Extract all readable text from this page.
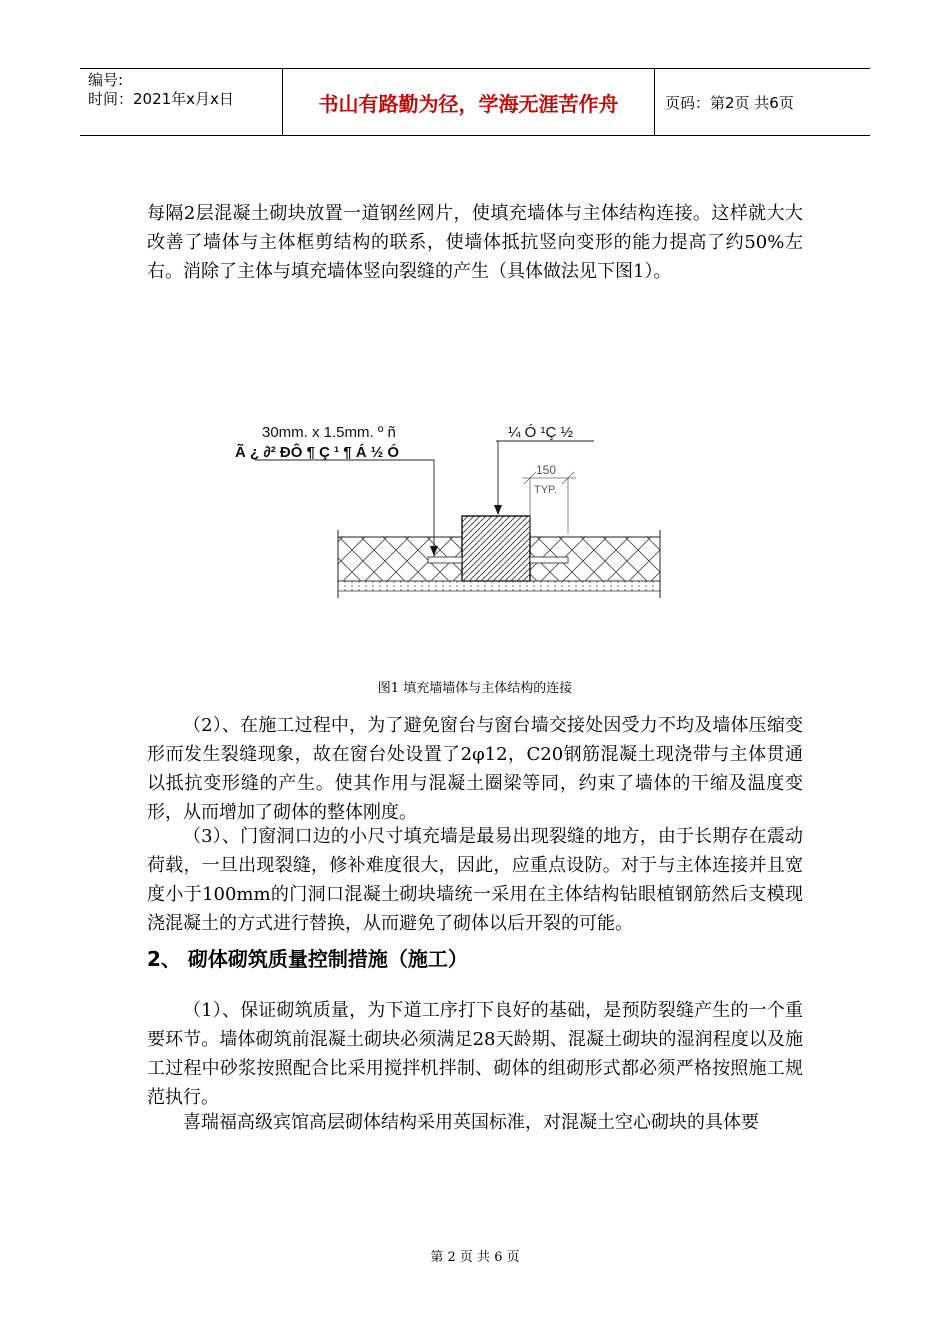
编号:
时间：2021年x月x日	书山有路勤为径，学海无涯苦作舟	页码：第2页 共6页

每隔2层混凝土砌块放置一道钢丝网片，使填充墙体与主体结构连接。这样就大大改善了墙体与主体框剪结构的联系，使墙体抵抗竖向变形的能力提高了约50%左右。消除了主体与填充墙体竖向裂缝的产生（具体做法见下图1）。

150
TYP.
30mm. x 1.5mm. º ñ
Ã ¿ ∂² ÐÔ ¶ Ç ¹ ¶ Á ½ Ó
¼ Ó ¹Ç ½
图1 填充墙墙体与主体结构的连接

（2）、在施工过程中，为了避免窗台与窗台墙交接处因受力不均及墙体压缩变形而发生裂缝现象，故在窗台处设置了2φ12，C20钢筋混凝土现浇带与主体贯通以抵抗变形缝的产生。使其作用与混凝土圈梁等同，约束了墙体的干缩及温度变形，从而增加了砌体的整体刚度。

（3）、门窗洞口边的小尺寸填充墙是最易出现裂缝的地方，由于长期存在震动荷载，一旦出现裂缝，修补难度很大，因此，应重点设防。对于与主体连接并且宽度小于100mm的门洞口混凝土砌块墙统一采用在主体结构钻眼植钢筋然后支模现浇混凝土的方式进行替换，从而避免了砌体以后开裂的可能。

2、 砌体砌筑质量控制措施（施工）

（1）、保证砌筑质量，为下道工序打下良好的基础，是预防裂缝产生的一个重要环节。墙体砌筑前混凝土砌块必须满足28天龄期、混凝土砌块的湿润程度以及施工过程中砂浆按照配合比采用搅拌机拌制、砌体的组砌形式都必须严格按照施工规范执行。

喜瑞福高级宾馆高层砌体结构采用英国标准，对混凝土空心砌块的具体要

第 2 页 共 6 页
